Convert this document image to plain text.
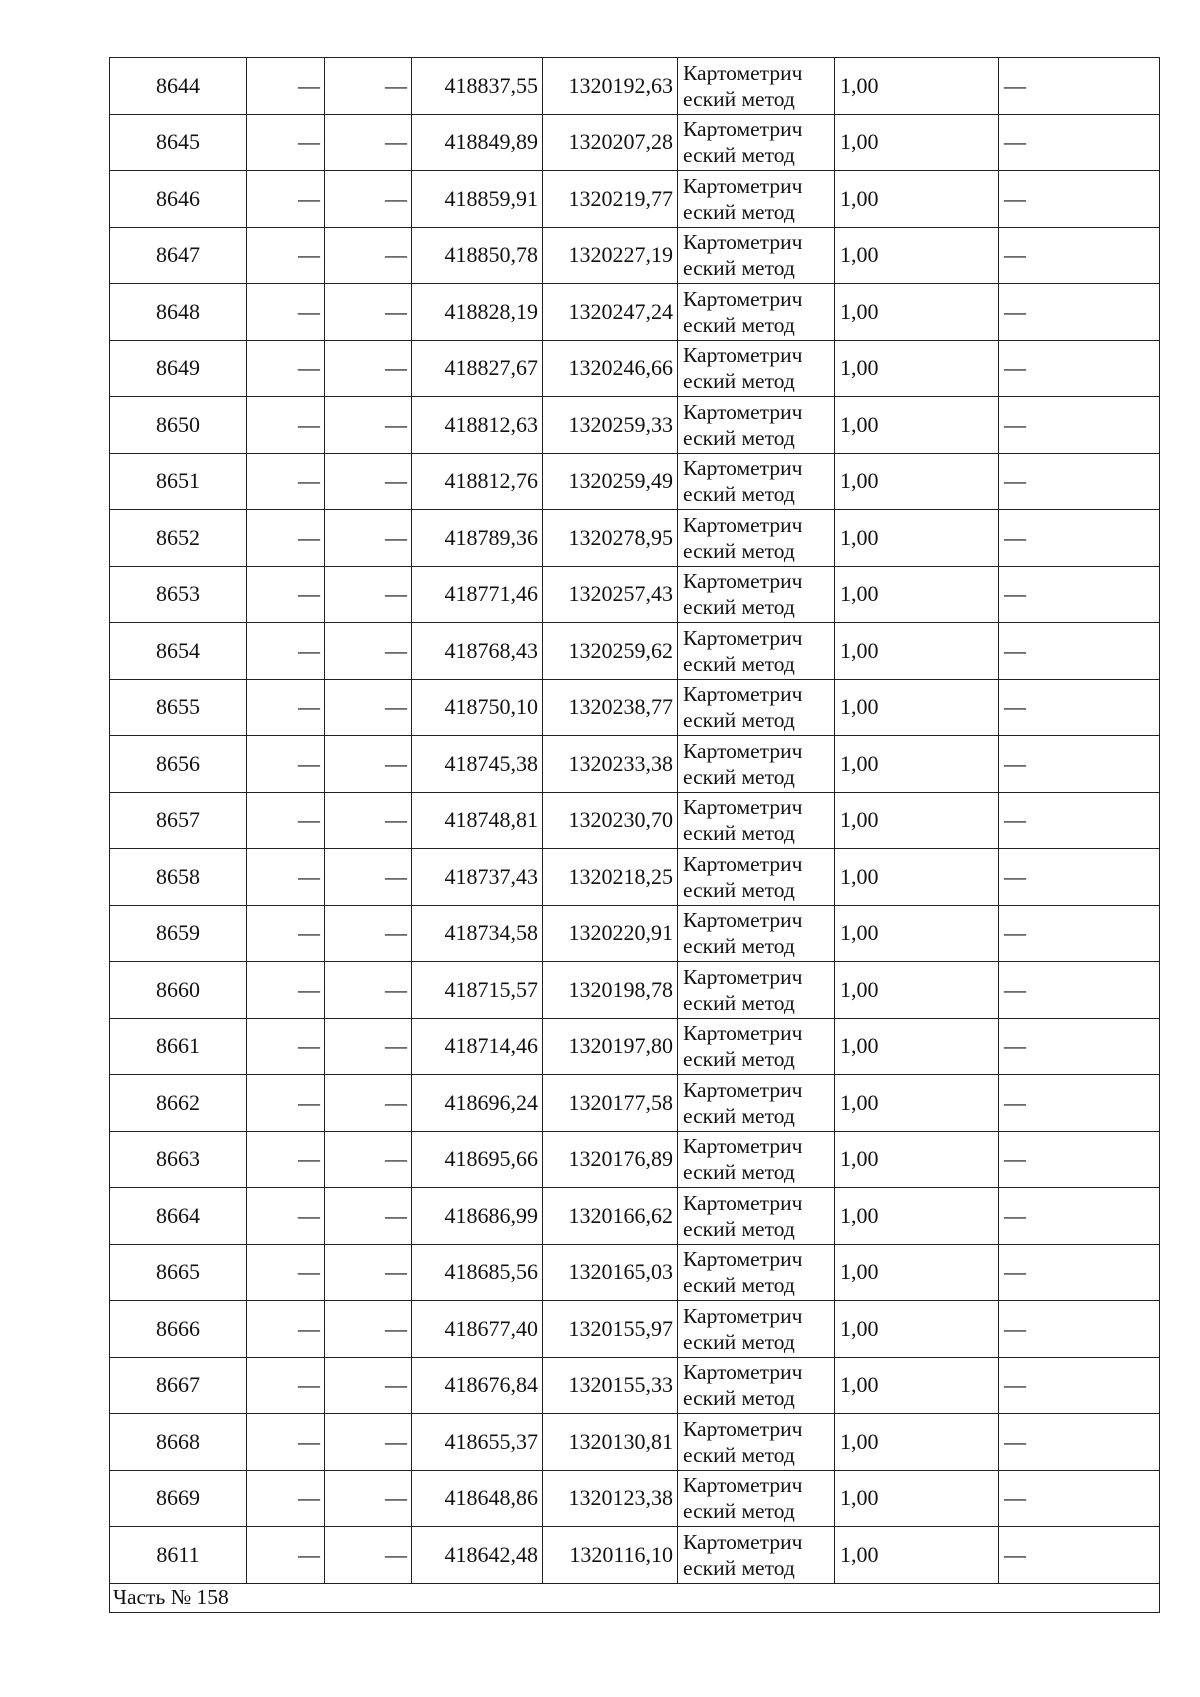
8644	—	—	418837,55	1320192,63	Картометрич еский метод	1,00	—
8645	—	—	418849,89	1320207,28	Картометрич еский метод	1,00	—
8646	—	—	418859,91	1320219,77	Картометрич еский метод	1,00	—
8647	—	—	418850,78	1320227,19	Картометрич еский метод	1,00	—
8648	—	—	418828,19	1320247,24	Картометрич еский метод	1,00	—
8649	—	—	418827,67	1320246,66	Картометрич еский метод	1,00	—
8650	—	—	418812,63	1320259,33	Картометрич еский метод	1,00	—
8651	—	—	418812,76	1320259,49	Картометрич еский метод	1,00	—
8652	—	—	418789,36	1320278,95	Картометрич еский метод	1,00	—
8653	—	—	418771,46	1320257,43	Картометрич еский метод	1,00	—
8654	—	—	418768,43	1320259,62	Картометрич еский метод	1,00	—
8655	—	—	418750,10	1320238,77	Картометрич еский метод	1,00	—
8656	—	—	418745,38	1320233,38	Картометрич еский метод	1,00	—
8657	—	—	418748,81	1320230,70	Картометрич еский метод	1,00	—
8658	—	—	418737,43	1320218,25	Картометрич еский метод	1,00	—
8659	—	—	418734,58	1320220,91	Картометрич еский метод	1,00	—
8660	—	—	418715,57	1320198,78	Картометрич еский метод	1,00	—
8661	—	—	418714,46	1320197,80	Картометрич еский метод	1,00	—
8662	—	—	418696,24	1320177,58	Картометрич еский метод	1,00	—
8663	—	—	418695,66	1320176,89	Картометрич еский метод	1,00	—
8664	—	—	418686,99	1320166,62	Картометрич еский метод	1,00	—
8665	—	—	418685,56	1320165,03	Картометрич еский метод	1,00	—
8666	—	—	418677,40	1320155,97	Картометрич еский метод	1,00	—
8667	—	—	418676,84	1320155,33	Картометрич еский метод	1,00	—
8668	—	—	418655,37	1320130,81	Картометрич еский метод	1,00	—
8669	—	—	418648,86	1320123,38	Картометрич еский метод	1,00	—
8611	—	—	418642,48	1320116,10	Картометрич еский метод	1,00	—
Часть № 158							
